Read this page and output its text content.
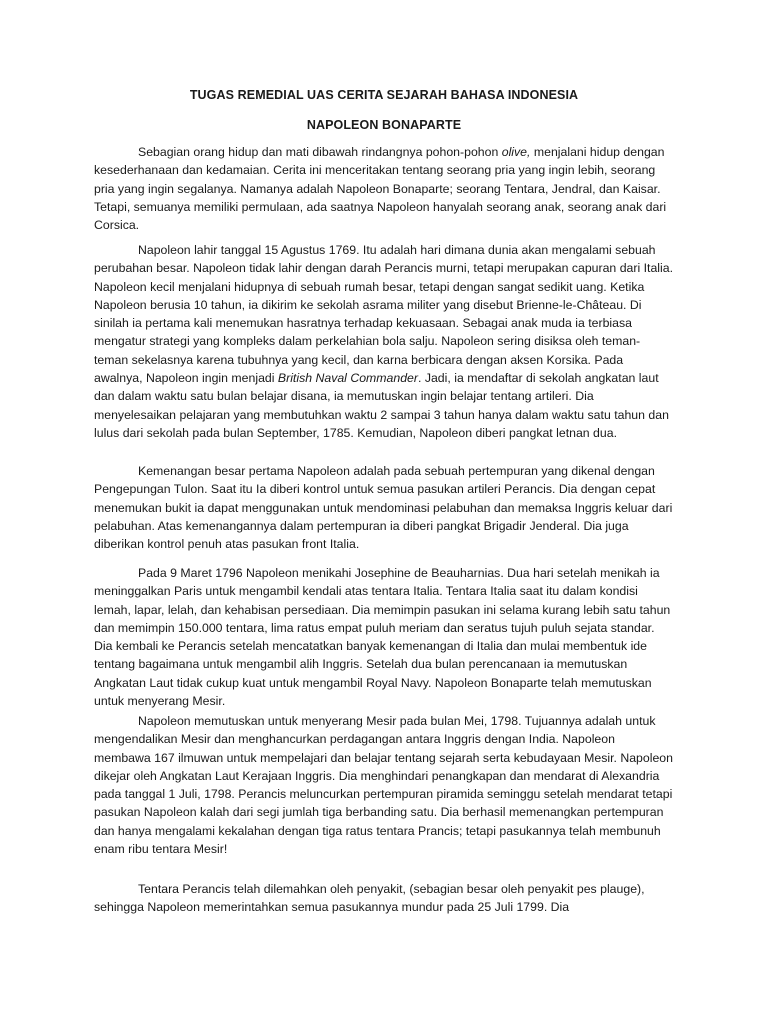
TUGAS REMEDIAL UAS CERITA SEJARAH BAHASA INDONESIA
NAPOLEON BONAPARTE

Sebagian orang hidup dan mati dibawah rindangnya pohon-pohon olive, menjalani hidup dengan kesederhanaan dan kedamaian. Cerita ini menceritakan tentang seorang pria yang ingin lebih, seorang pria yang ingin segalanya. Namanya adalah Napoleon Bonaparte; seorang Tentara, Jendral, dan Kaisar. Tetapi, semuanya memiliki permulaan, ada saatnya Napoleon hanyalah seorang anak, seorang anak dari Corsica.

Napoleon lahir tanggal 15 Agustus 1769. Itu adalah hari dimana dunia akan mengalami sebuah perubahan besar. Napoleon tidak lahir dengan darah Perancis murni, tetapi merupakan capuran dari Italia. Napoleon kecil menjalani hidupnya di sebuah rumah besar, tetapi dengan sangat sedikit uang. Ketika Napoleon berusia 10 tahun, ia dikirim ke sekolah asrama militer yang disebut Brienne-le-Château. Di sinilah ia pertama kali menemukan hasratnya terhadap kekuasaan. Sebagai anak muda ia terbiasa mengatur strategi yang kompleks dalam perkelahian bola salju. Napoleon sering disiksa oleh teman-teman sekelasnya karena tubuhnya yang kecil, dan karna berbicara dengan aksen Korsika. Pada awalnya, Napoleon ingin menjadi British Naval Commander. Jadi, ia mendaftar di sekolah angkatan laut dan dalam waktu satu bulan belajar disana, ia memutuskan ingin belajar tentang artileri. Dia menyelesaikan pelajaran yang membutuhkan waktu 2 sampai 3 tahun hanya dalam waktu satu tahun dan lulus dari sekolah pada bulan September, 1785. Kemudian, Napoleon diberi pangkat letnan dua.

Kemenangan besar pertama Napoleon adalah pada sebuah pertempuran yang dikenal dengan Pengepungan Tulon. Saat itu Ia diberi kontrol untuk semua pasukan artileri Perancis. Dia dengan cepat menemukan bukit ia dapat menggunakan untuk mendominasi pelabuhan dan memaksa Inggris keluar dari pelabuhan. Atas kemenangannya dalam pertempuran ia diberi pangkat Brigadir Jenderal. Dia juga diberikan kontrol penuh atas pasukan front Italia.

Pada 9 Maret 1796 Napoleon menikahi Josephine de Beauharnias. Dua hari setelah menikah ia meninggalkan Paris untuk mengambil kendali atas tentara Italia. Tentara Italia saat itu dalam kondisi lemah, lapar, lelah, dan kehabisan persediaan. Dia memimpin pasukan ini selama kurang lebih satu tahun dan memimpin 150.000 tentara, lima ratus empat puluh meriam dan seratus tujuh puluh sejata standar. Dia kembali ke Perancis setelah mencatatkan banyak kemenangan di Italia dan mulai membentuk ide tentang bagaimana untuk mengambil alih Inggris. Setelah dua bulan perencanaan ia memutuskan Angkatan Laut tidak cukup kuat untuk mengambil Royal Navy. Napoleon Bonaparte telah memutuskan untuk menyerang Mesir.

Napoleon memutuskan untuk menyerang Mesir pada bulan Mei, 1798. Tujuannya adalah untuk mengendalikan Mesir dan menghancurkan perdagangan antara Inggris dengan India. Napoleon membawa 167 ilmuwan untuk mempelajari dan belajar tentang sejarah serta kebudayaan Mesir. Napoleon dikejar oleh Angkatan Laut Kerajaan Inggris. Dia menghindari penangkapan dan mendarat di Alexandria pada tanggal 1 Juli, 1798. Perancis meluncurkan pertempuran piramida seminggu setelah mendarat tetapi pasukan Napoleon kalah dari segi jumlah tiga berbanding satu. Dia berhasil memenangkan pertempuran dan hanya mengalami kekalahan dengan tiga ratus tentara Prancis; tetapi pasukannya telah membunuh enam ribu tentara Mesir!

Tentara Perancis telah dilemahkan oleh penyakit, (sebagian besar oleh penyakit pes plauge), sehingga Napoleon memerintahkan semua pasukannya mundur pada 25 Juli 1799. Dia
